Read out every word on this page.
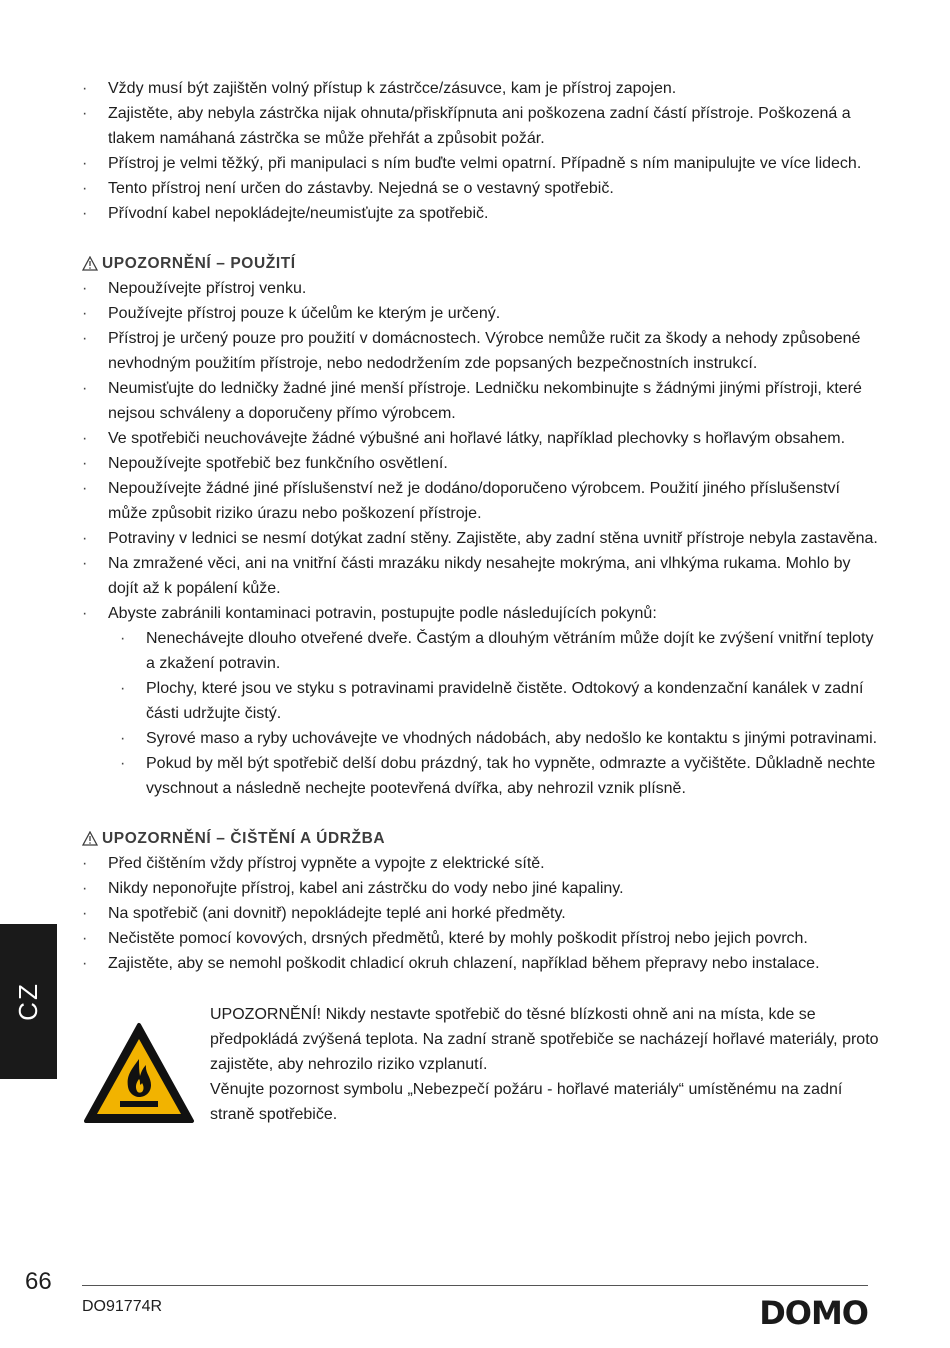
· Vždy musí být zajištěn volný přístup k zástrčce/zásuvce, kam je přístroj zapojen.
· Zajistěte, aby nebyla zástrčka nijak ohnuta/přiskřípnuta ani poškozena zadní částí přístroje. Poškozená a tlakem namáhaná zástrčka se může přehřát a způsobit požár.
· Přístroj je velmi těžký, při manipulaci s ním buďte velmi opatrní. Případně s ním manipulujte ve více lidech.
· Tento přístroj není určen do zástavby. Nejedná se o vestavný spotřebič.
· Přívodní kabel nepokládejte/neumisťujte za spotřebič.
UPOZORNĚNÍ – POUŽITÍ
· Nepoužívejte přístroj venku.
· Používejte přístroj pouze k účelům ke kterým je určený.
· Přístroj je určený pouze pro použití v domácnostech. Výrobce nemůže ručit za škody a nehody způsobené nevhodným použitím přístroje, nebo nedodržením zde popsaných bezpečnostních instrukcí.
· Neumisťujte do ledničky žadné jiné menší přístroje. Ledničku nekombinujte s žádnými jinými přístroji, které nejsou schváleny a doporučeny přímo výrobcem.
· Ve spotřebiči neuchovávejte žádné výbušné ani hořlavé látky, například plechovky s hořlavým obsahem.
· Nepoužívejte spotřebič bez funkčního osvětlení.
· Nepoužívejte žádné jiné příslušenství než je dodáno/doporučeno výrobcem. Použití jiného příslušenství může způsobit riziko úrazu nebo poškození přístroje.
· Potraviny v lednici se nesmí dotýkat zadní stěny. Zajistěte, aby zadní stěna uvnitř přístroje nebyla zastavěna.
· Na zmražené věci, ani na vnitřní části mrazáku nikdy nesahejte mokrýma, ani vlhkýma rukama. Mohlo by dojít až k popálení kůže.
· Abyste zabránili kontaminaci potravin, postupujte podle následujících pokynů:
· Nenechávejte dlouho otveřené dveře. Častým a dlouhým větráním může dojít ke zvýšení vnitřní teploty a zkažení potravin.
· Plochy, které jsou ve styku s potravinami pravidelně čistěte. Odtokový a kondenzační kanálek v zadní části udržujte čistý.
· Syrové maso a ryby uchovávejte ve vhodných nádobách, aby nedošlo ke kontaktu s jinými potravinami.
· Pokud by měl být spotřebič delší dobu prázdný, tak ho vypněte, odmrazte a vyčištěte. Důkladně nechte vyschnout a následně nechejte pootevřená dvířka, aby nehrozil vznik plísně.
UPOZORNĚNÍ – ČIŠTĚNÍ A ÚDRŽBA
· Před čištěním vždy přístroj vypněte a vypojte z elektrické sítě.
· Nikdy neponořujte přístroj, kabel ani zástrčku do vody nebo jiné kapaliny.
· Na spotřebič (ani dovnitř) nepokládejte teplé ani horké předměty.
· Nečistěte pomocí kovových, drsných předmětů, které by mohly poškodit přístroj nebo jejich povrch.
· Zajistěte, aby se nemohl poškodit chladicí okruh chlazení, například během přepravy nebo instalace.
UPOZORNĚNÍ! Nikdy nestavte spotřebič do těsné blízkosti ohně ani na místa, kde se předpokládá zvýšená teplota. Na zadní straně spotřebiče se nacházejí hořlavé materiály, proto zajistěte, aby nehrozilo riziko vzplanutí.
Věnujte pozornost symbolu „Nebezpečí požáru - hořlavé materiály“ umístěnému na zadní straně spotřebiče.
CZ
66
DO91774R	DOMO
